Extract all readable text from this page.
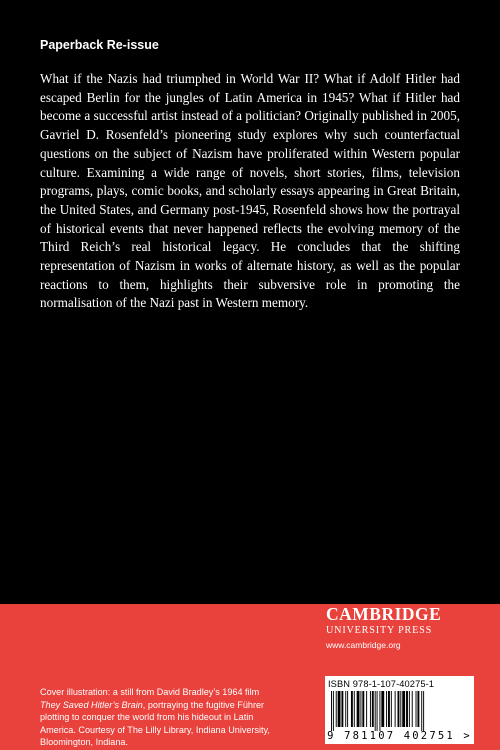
Paperback Re-issue

What if the Nazis had triumphed in World War II? What if Adolf Hitler had escaped Berlin for the jungles of Latin America in 1945? What if Hitler had become a successful artist instead of a politician? Originally published in 2005, Gavriel D. Rosenfeld’s pioneering study explores why such counterfactual questions on the subject of Nazism have proliferated within Western popular culture. Examining a wide range of novels, short stories, films, television programs, plays, comic books, and scholarly essays appearing in Great Britain, the United States, and Germany post-1945, Rosenfeld shows how the portrayal of historical events that never happened reflects the evolving memory of the Third Reich’s real historical legacy. He concludes that the shifting representation of Nazism in works of alternate history, as well as the popular reactions to them, highlights their subversive role in promoting the normalisation of the Nazi past in Western memory.

Cover illustration: a still from David Bradley’s 1964 film They Saved Hitler’s Brain, portraying the fugitive Führer plotting to conquer the world from his hideout in Latin America. Courtesy of The Lilly Library, Indiana University, Bloomington, Indiana.
CAMBRIDGE
UNIVERSITY PRESS
www.cambridge.org
ISBN 978-1-107-40275-1
9 781107 402751 >
